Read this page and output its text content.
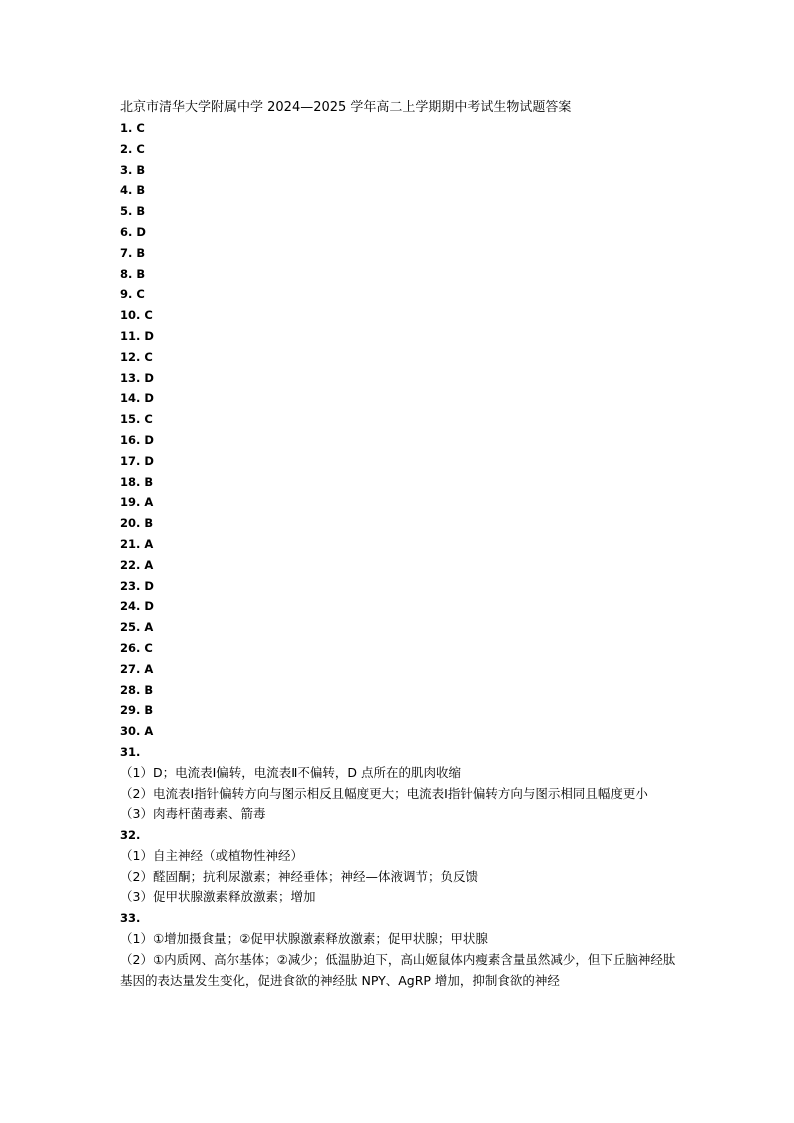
北京市清华大学附属中学 2024—2025 学年高二上学期期中考试生物试题答案
1. C
2. C
3. B
4. B
5. B
6. D
7. B
8. B
9. C
10. C
11. D
12. C
13. D
14. D
15. C
16. D
17. D
18. B
19. A
20. B
21. A
22. A
23. D
24. D
25. A
26. C
27. A
28. B
29. B
30. A
31.

（1）D；电流表Ⅰ偏转，电流表Ⅱ不偏转，D 点所在的肌肉收缩

（2）电流表Ⅰ指针偏转方向与图示相反且幅度更大；电流表Ⅰ指针偏转方向与图示相同且幅度更小

（3）肉毒杆菌毒素、箭毒

32.

（1）自主神经（或植物性神经）

（2）醛固酮；抗利尿激素；神经垂体；神经—体液调节；负反馈

（3）促甲状腺激素释放激素；增加

33.

（1）①增加摄食量；②促甲状腺激素释放激素；促甲状腺；甲状腺

（2）①内质网、高尔基体；②减少；低温胁迫下，高山姬鼠体内瘦素含量虽然减少，但下丘脑神经肽基因的表达量发生变化，促进食欲的神经肽 NPY、AgRP 增加，抑制食欲的神经
